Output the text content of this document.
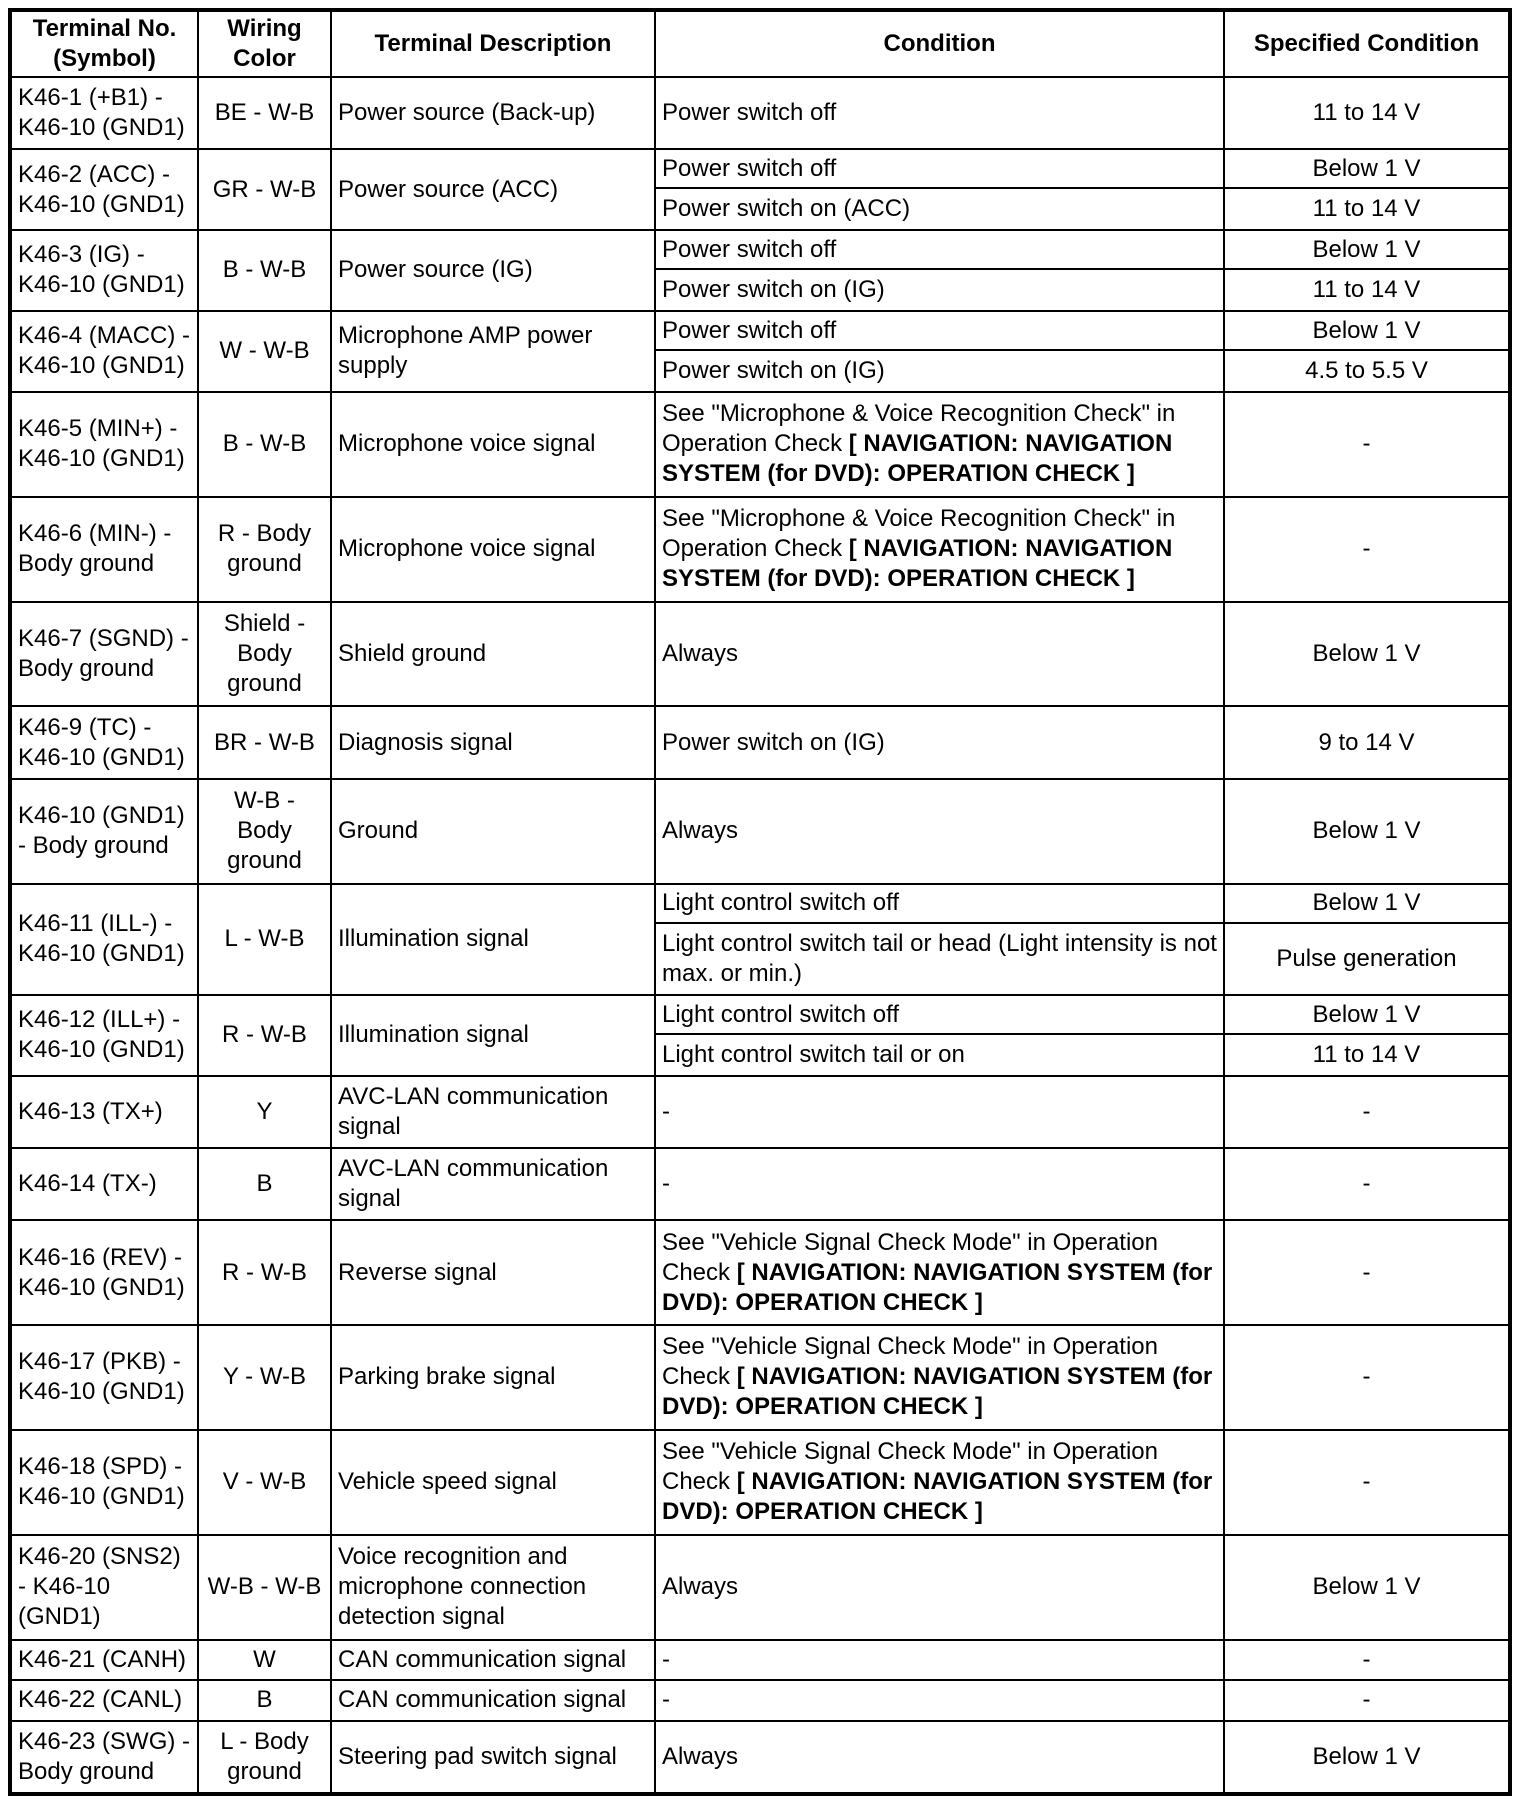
Terminal No. (Symbol)	Wiring Color	Terminal Description	Condition	Specified Condition
K46-1 (+B1) - K46-10 (GND1)	BE - W-B	Power source (Back-up)	Power switch off	11 to 14 V
K46-2 (ACC) - K46-10 (GND1)	GR - W-B	Power source (ACC)	Power switch off	Below 1 V
			Power switch on (ACC)	11 to 14 V
K46-3 (IG) - K46-10 (GND1)	B - W-B	Power source (IG)	Power switch off	Below 1 V
			Power switch on (IG)	11 to 14 V
K46-4 (MACC) - K46-10 (GND1)	W - W-B	Microphone AMP power supply	Power switch off	Below 1 V
			Power switch on (IG)	4.5 to 5.5 V
K46-5 (MIN+) - K46-10 (GND1)	B - W-B	Microphone voice signal	See "Microphone & Voice Recognition Check" in Operation Check [ NAVIGATION: NAVIGATION SYSTEM (for DVD): OPERATION CHECK ]	-
K46-6 (MIN-) - Body ground	R - Body ground	Microphone voice signal	See "Microphone & Voice Recognition Check" in Operation Check [ NAVIGATION: NAVIGATION SYSTEM (for DVD): OPERATION CHECK ]	-
K46-7 (SGND) - Body ground	Shield - Body ground	Shield ground	Always	Below 1 V
K46-9 (TC) - K46-10 (GND1)	BR - W-B	Diagnosis signal	Power switch on (IG)	9 to 14 V
K46-10 (GND1) - Body ground	W-B - Body ground	Ground	Always	Below 1 V
K46-11 (ILL-) - K46-10 (GND1)	L - W-B	Illumination signal	Light control switch off	Below 1 V
			Light control switch tail or head (Light intensity is not max. or min.)	Pulse generation
K46-12 (ILL+) - K46-10 (GND1)	R - W-B	Illumination signal	Light control switch off	Below 1 V
			Light control switch tail or on	11 to 14 V
K46-13 (TX+)	Y	AVC-LAN communication signal	-	-
K46-14 (TX-)	B	AVC-LAN communication signal	-	-
K46-16 (REV) - K46-10 (GND1)	R - W-B	Reverse signal	See "Vehicle Signal Check Mode" in Operation Check [ NAVIGATION: NAVIGATION SYSTEM (for DVD): OPERATION CHECK ]	-
K46-17 (PKB) - K46-10 (GND1)	Y - W-B	Parking brake signal	See "Vehicle Signal Check Mode" in Operation Check [ NAVIGATION: NAVIGATION SYSTEM (for DVD): OPERATION CHECK ]	-
K46-18 (SPD) - K46-10 (GND1)	V - W-B	Vehicle speed signal	See "Vehicle Signal Check Mode" in Operation Check [ NAVIGATION: NAVIGATION SYSTEM (for DVD): OPERATION CHECK ]	-
K46-20 (SNS2) - K46-10 (GND1)	W-B - W-B	Voice recognition and microphone connection detection signal	Always	Below 1 V
K46-21 (CANH)	W	CAN communication signal	-	-
K46-22 (CANL)	B	CAN communication signal	-	-
K46-23 (SWG) - Body ground	L - Body ground	Steering pad switch signal	Always	Below 1 V
